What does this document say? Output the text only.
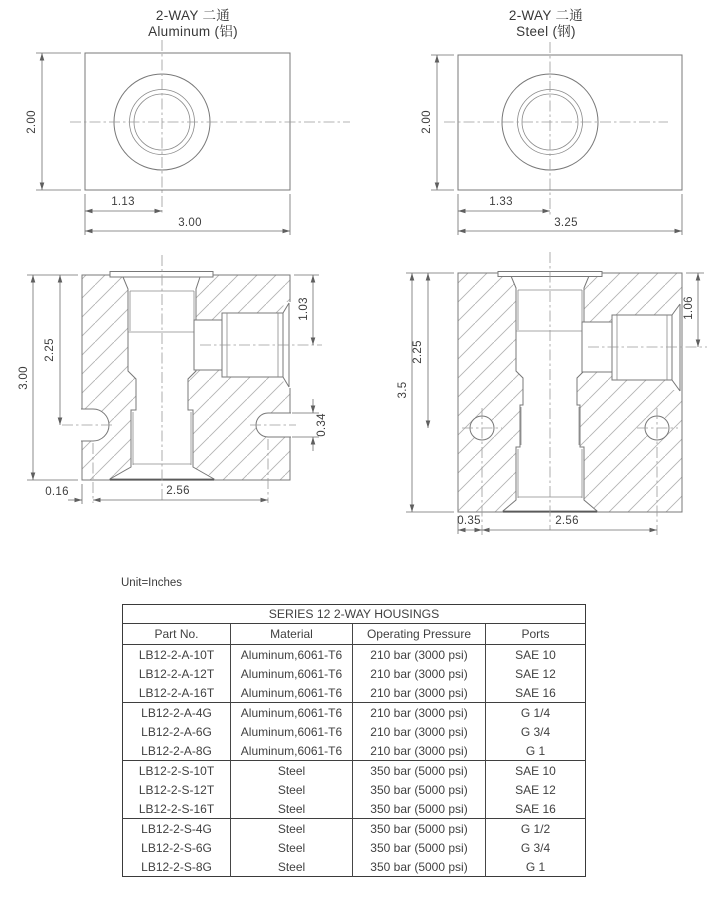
2-WAY 二通
Aluminum (铝)
2-WAY 二通
Steel (钢)
2.00
1.13
3.00
2.00
1.33
3.25
3.00
2.25
1.03
0.34
0.16	2.56
3.5
2.25
1.06
0.35	2.56
Unit=Inches
SERIES 12 2-WAY HOUSINGS			
Part No.	Material	Operating Pressure	Ports
LB12-2-A-10T	Aluminum,6061-T6	210 bar (3000 psi)	SAE 10
LB12-2-A-12T	Aluminum,6061-T6	210 bar (3000 psi)	SAE 12
LB12-2-A-16T	Aluminum,6061-T6	210 bar (3000 psi)	SAE 16
LB12-2-A-4G	Aluminum,6061-T6	210 bar (3000 psi)	G 1/4
LB12-2-A-6G	Aluminum,6061-T6	210 bar (3000 psi)	G 3/4
LB12-2-A-8G	Aluminum,6061-T6	210 bar (3000 psi)	G 1
LB12-2-S-10T	Steel	350 bar (5000 psi)	SAE 10
LB12-2-S-12T	Steel	350 bar (5000 psi)	SAE 12
LB12-2-S-16T	Steel	350 bar (5000 psi)	SAE 16
LB12-2-S-4G	Steel	350 bar (5000 psi)	G 1/2
LB12-2-S-6G	Steel	350 bar (5000 psi)	G 3/4
LB12-2-S-8G	Steel	350 bar (5000 psi)	G 1
